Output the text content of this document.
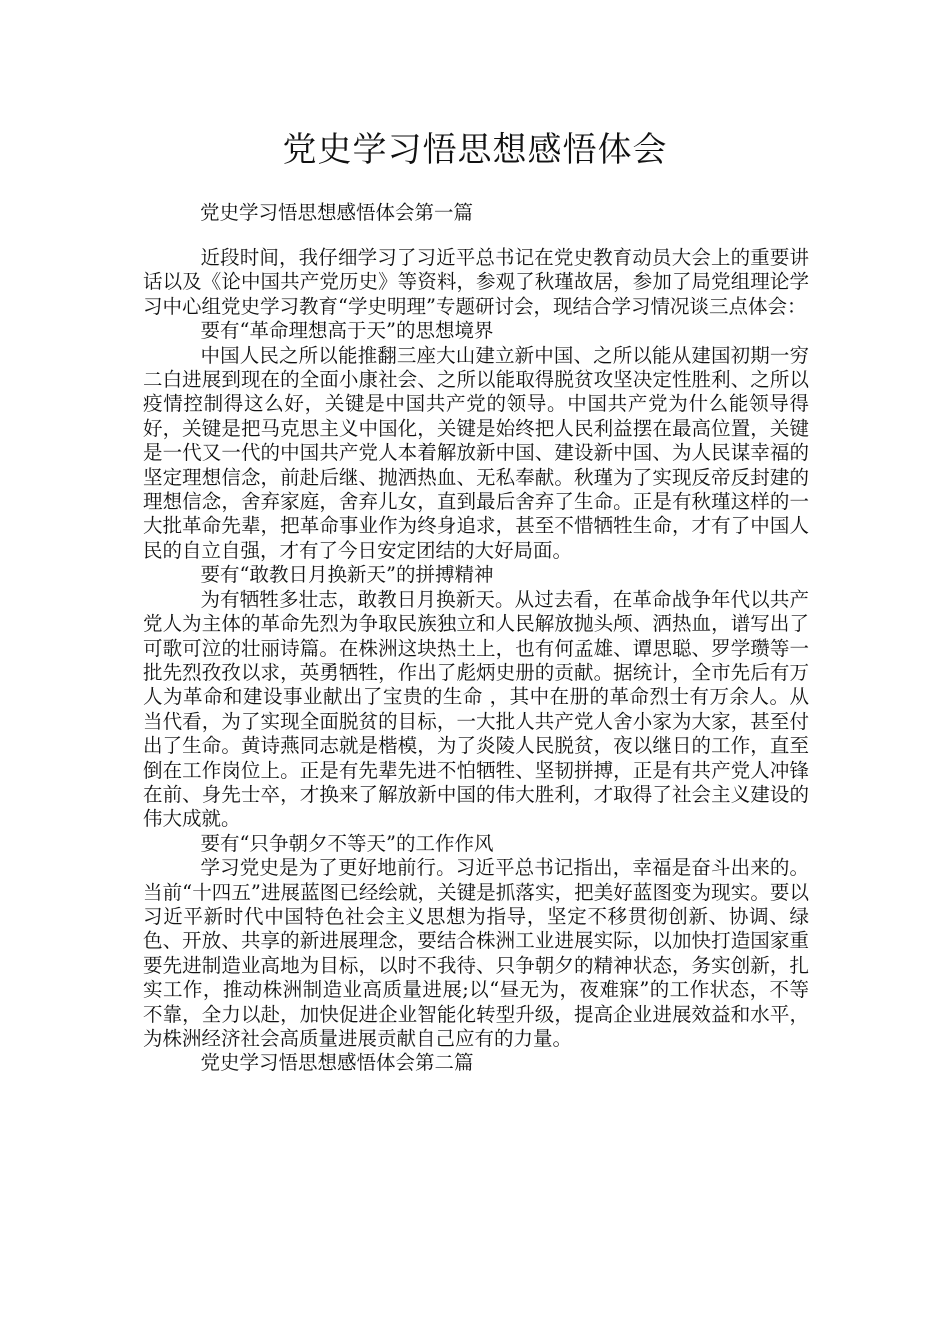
党史学习悟思想感悟体会

党史学习悟思想感悟体会第一篇

近段时间，我仔细学习了习近平总书记在党史教育动员大会上的重要讲话以及《论中国共产党历史》等资料，参观了秋瑾故居，参加了局党组理论学习中心组党史学习教育“学史明理”专题研讨会，现结合学习情况谈三点体会：

要有“革命理想高于天”的思想境界

中国人民之所以能推翻三座大山建立新中国、之所以能从建国初期一穷二白进展到现在的全面小康社会、之所以能取得脱贫攻坚决定性胜利、之所以疫情控制得这么好，关键是中国共产党的领导。中国共产党为什么能领导得好，关键是把马克思主义中国化，关键是始终把人民利益摆在最高位置，关键是一代又一代的中国共产党人本着解放新中国、建设新中国、为人民谋幸福的坚定理想信念，前赴后继、抛洒热血、无私奉献。秋瑾为了实现反帝反封建的理想信念，舍弃家庭，舍弃儿女，直到最后舍弃了生命。正是有秋瑾这样的一大批革命先辈，把革命事业作为终身追求，甚至不惜牺牲生命，才有了中国人民的自立自强，才有了今日安定团结的大好局面。

要有“敢教日月换新天”的拼搏精神

为有牺牲多壮志，敢教日月换新天。从过去看，在革命战争年代以共产党人为主体的革命先烈为争取民族独立和人民解放抛头颅、洒热血，谱写出了可歌可泣的壮丽诗篇。在株洲这块热土上，也有何孟雄、谭思聪、罗学瓒等一批先烈孜孜以求，英勇牺牲，作出了彪炳史册的贡献。据统计，全市先后有万人为革命和建设事业献出了宝贵的生命 ，其中在册的革命烈士有万余人。从当代看，为了实现全面脱贫的目标，一大批人共产党人舍小家为大家，甚至付出了生命。黄诗燕同志就是楷模，为了炎陵人民脱贫，夜以继日的工作，直至倒在工作岗位上。正是有先辈先进不怕牺牲、坚韧拼搏，正是有共产党人冲锋在前、身先士卒，才换来了解放新中国的伟大胜利，才取得了社会主义建设的伟大成就。

要有“只争朝夕不等天”的工作作风

学习党史是为了更好地前行。习近平总书记指出，幸福是奋斗出来的。当前“十四五”进展蓝图已经绘就，关键是抓落实，把美好蓝图变为现实。要以习近平新时代中国特色社会主义思想为指导，坚定不移贯彻创新、协调、绿色、开放、共享的新进展理念，要结合株洲工业进展实际，以加快打造国家重要先进制造业高地为目标，以时不我待、只争朝夕的精神状态，务实创新，扎实工作，推动株洲制造业高质量进展;以“昼无为，夜难寐”的工作状态，不等不靠，全力以赴，加快促进企业智能化转型升级，提高企业进展效益和水平，为株洲经济社会高质量进展贡献自己应有的力量。

党史学习悟思想感悟体会第二篇
